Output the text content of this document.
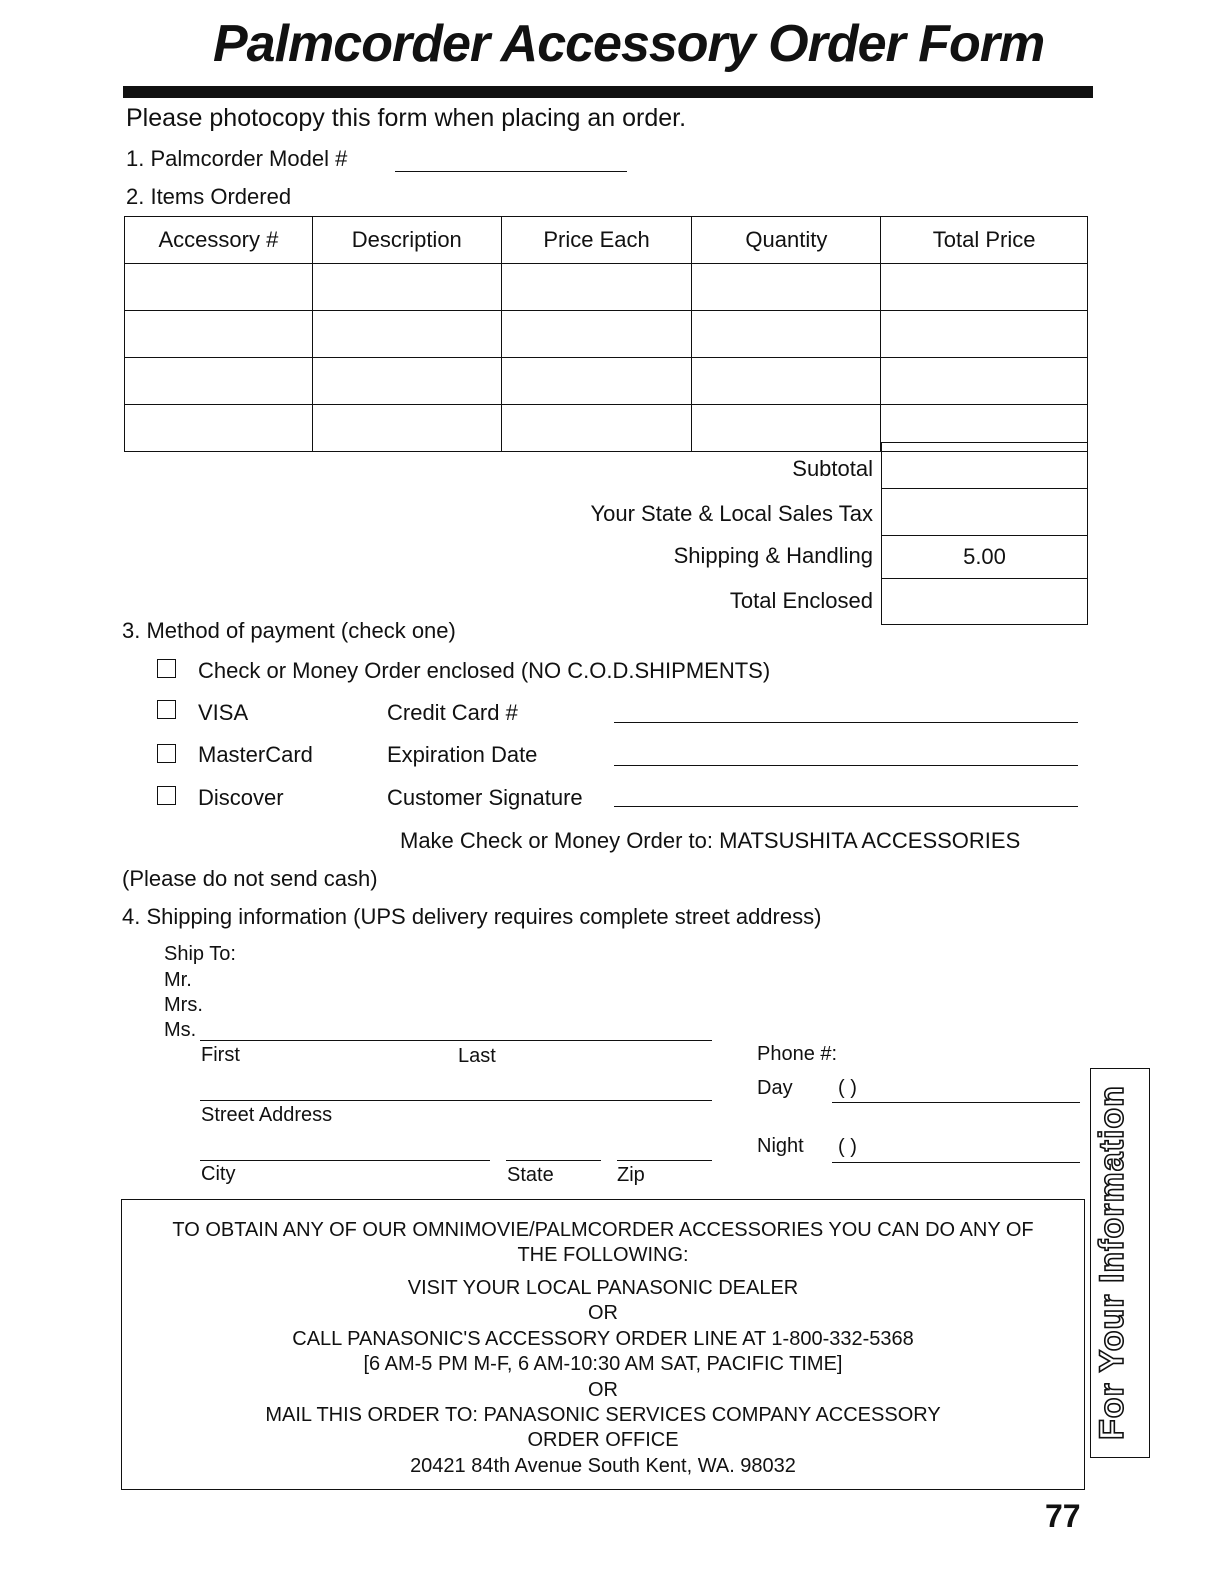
Palmcorder Accessory Order Form
Please photocopy this form when placing an order.
1. Palmcorder Model #
2. Items Ordered
Accessory #	Description	Price Each	Quantity	Total Price

Subtotal
Your State & Local Sales Tax
Shipping & Handling	5.00
Total Enclosed
3. Method of payment (check one)
Check or Money Order enclosed (NO C.O.D.SHIPMENTS)
VISA	Credit Card #
MasterCard	Expiration Date
Discover	Customer Signature
Make Check or Money Order to: MATSUSHITA ACCESSORIES
(Please do not send cash)
4. Shipping information (UPS delivery requires complete street address)
Ship To:
Mr.
Mrs.
Ms.
First	Last
Street Address
City	State	Zip
Phone #:
Day ( )
Night ( )
TO OBTAIN ANY OF OUR OMNIMOVIE/PALMCORDER ACCESSORIES YOU CAN DO ANY OF
THE FOLLOWING:
VISIT YOUR LOCAL PANASONIC DEALER
OR
CALL PANASONIC'S ACCESSORY ORDER LINE AT 1-800-332-5368
[6 AM-5 PM M-F, 6 AM-10:30 AM SAT, PACIFIC TIME]
OR
MAIL THIS ORDER TO: PANASONIC SERVICES COMPANY ACCESSORY
ORDER OFFICE
20421 84th Avenue South Kent, WA. 98032
For Your Information
77
